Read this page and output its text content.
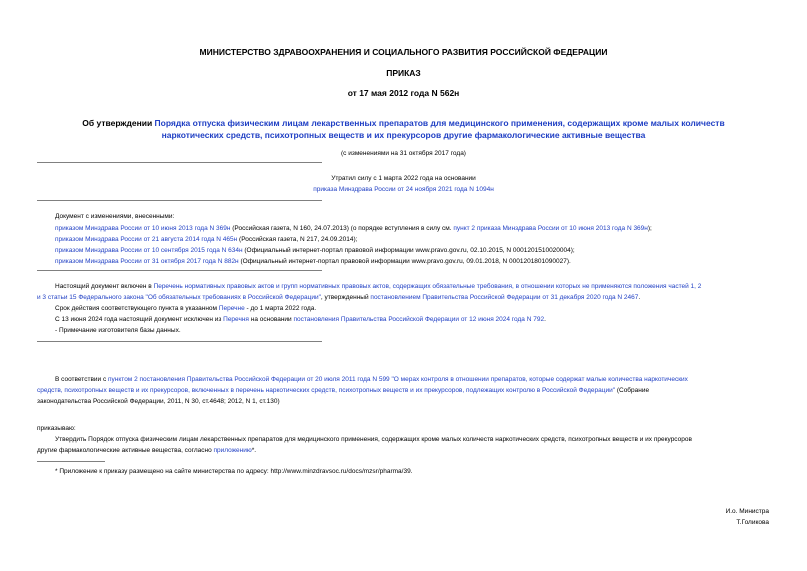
МИНИСТЕРСТВО ЗДРАВООХРАНЕНИЯ И СОЦИАЛЬНОГО РАЗВИТИЯ РОССИЙСКОЙ ФЕДЕРАЦИИ
ПРИКАЗ
от 17 мая 2012 года N 562н
Об утверждении Порядка отпуска физическим лицам лекарственных препаратов для медицинского применения, содержащих кроме малых количеств
наркотических средств, психотропных веществ и их прекурсоров другие фармакологические активные вещества
(с изменениями на 31 октября 2017 года)
Утратил силу с 1 марта 2022 года на основании
приказа Минздрава России от 24 ноября 2021 года N 1094н
Документ с изменениями, внесенными:
приказом Минздрава России от 10 июня 2013 года N 369н (Российская газета, N 160, 24.07.2013) (о порядке вступления в силу см. пункт 2 приказа Минздрава России от 10 июня 2013 года N 369н);
приказом Минздрава России от 21 августа 2014 года N 465н (Российская газета, N 217, 24.09.2014);
приказом Минздрава России от 10 сентября 2015 года N 634н (Официальный интернет-портал правовой информации www.pravo.gov.ru, 02.10.2015, N 0001201510020004);
приказом Минздрава России от 31 октября 2017 года N 882н (Официальный интернет-портал правовой информации www.pravo.gov.ru, 09.01.2018, N 0001201801090027).
Настоящий документ включен в Перечень нормативных правовых актов и групп нормативных правовых актов, содержащих обязательные требования, в отношении которых не применяются положения частей 1, 2
и 3 статьи 15 Федерального закона "Об обязательных требованиях в Российской Федерации", утвержденный постановлением Правительства Российской Федерации от 31 декабря 2020 года N 2467.
Срок действия соответствующего пункта в указанном Перечне - до 1 марта 2022 года.
С 13 июня 2024 года настоящий документ исключен из Перечня на основании постановления Правительства Российской Федерации от 12 июня 2024 года N 792.
- Примечание изготовителя базы данных.
В соответствии с пунктом 2 постановления Правительства Российской Федерации от 20 июля 2011 года N 599 "О мерах контроля в отношении препаратов, которые содержат малые количества наркотических
средств, психотропных веществ и их прекурсоров, включенных в перечень наркотических средств, психотропных веществ и их прекурсоров, подлежащих контролю в Российской Федерации" (Собрание
законодательства Российской Федерации, 2011, N 30, ст.4648; 2012, N 1, ст.130)
приказываю:
Утвердить Порядок отпуска физическим лицам лекарственных препаратов для медицинского применения, содержащих кроме малых количеств наркотических средств, психотропных веществ и их прекурсоров
другие фармакологические активные вещества, согласно приложению*.
* Приложение к приказу размещено на сайте министерства по адресу: http://www.minzdravsoc.ru/docs/mzsr/pharma/39.
И.о. Министра
Т.Голикова
